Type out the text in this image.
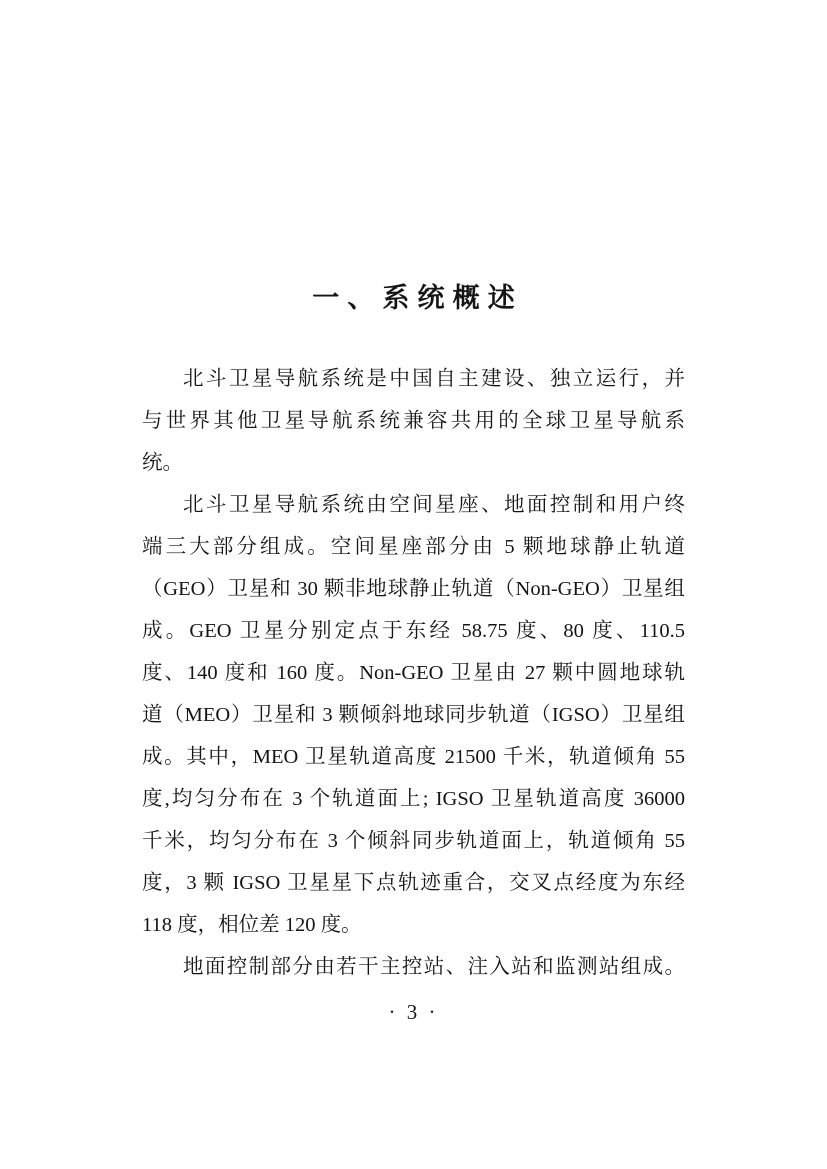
一、系统概述
北斗卫星导航系统是中国自主建设、独立运行，并
与世界其他卫星导航系统兼容共用的全球卫星导航系
统。
北斗卫星导航系统由空间星座、地面控制和用户终
端三大部分组成。空间星座部分由 5 颗地球静止轨道
（GEO）卫星和 30 颗非地球静止轨道（Non-GEO）卫星组
成。GEO 卫星分别定点于东经 58.75 度、80 度、110.5
度、140 度和 160 度。Non-GEO 卫星由 27 颗中圆地球轨
道（MEO）卫星和 3 颗倾斜地球同步轨道（IGSO）卫星组
成。其中，MEO 卫星轨道高度 21500 千米，轨道倾角 55
度,均匀分布在 3 个轨道面上; IGSO 卫星轨道高度 36000
千米，均匀分布在 3 个倾斜同步轨道面上，轨道倾角 55
度，3 颗 IGSO 卫星星下点轨迹重合，交叉点经度为东经
118 度，相位差 120 度。
地面控制部分由若干主控站、注入站和监测站组成。
· 3 ·
